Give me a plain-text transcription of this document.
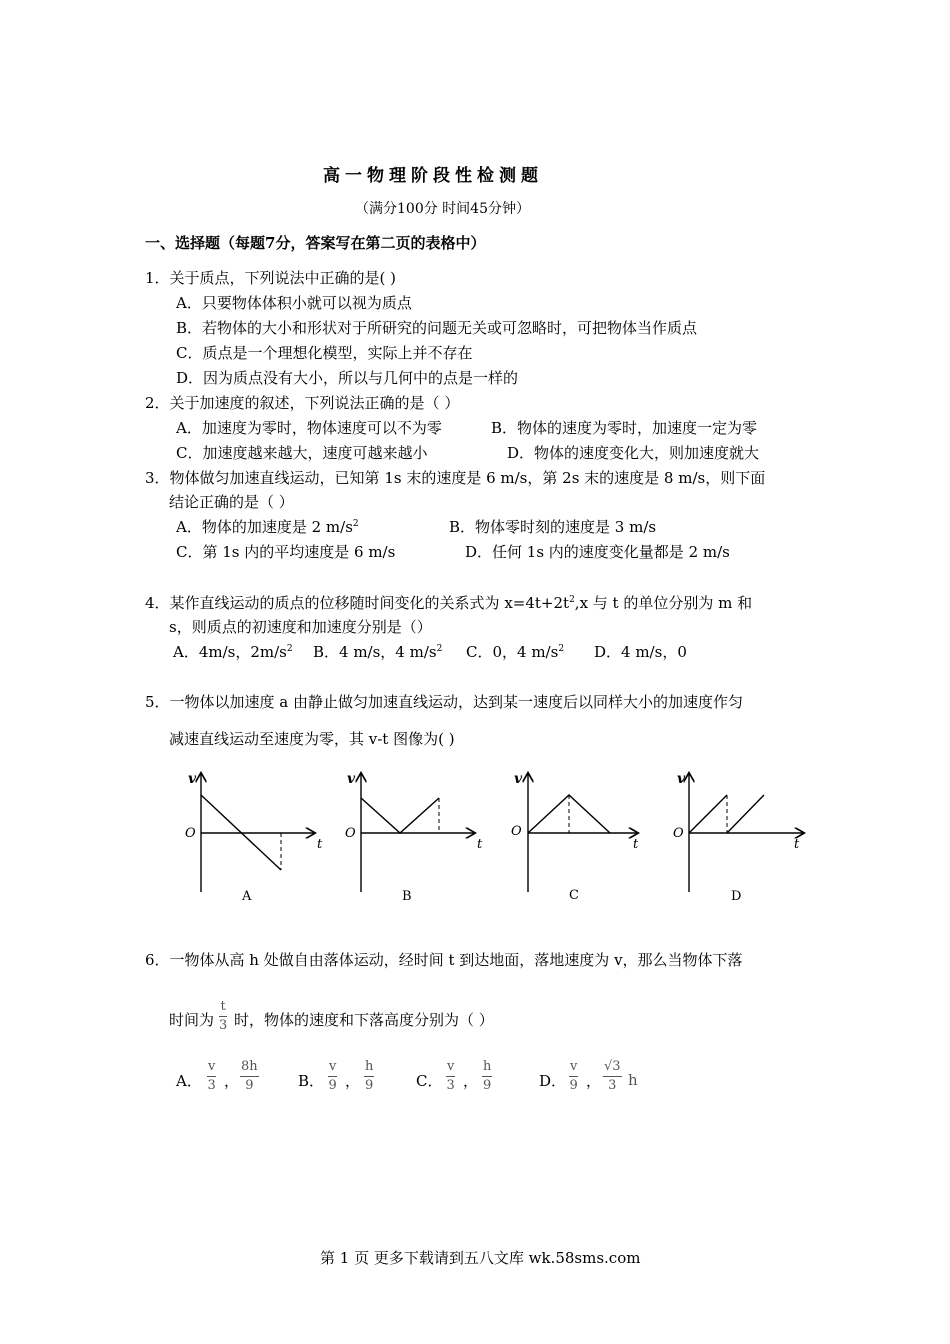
高一物理阶段性检测题
（满分100分 时间45分钟）
一、选择题（每题7分，答案写在第二页的表格中）
1．关于质点，下列说法中正确的是( )
A．只要物体体积小就可以视为质点
B．若物体的大小和形状对于所研究的问题无关或可忽略时，可把物体当作质点
C．质点是一个理想化模型，实际上并不存在
D．因为质点没有大小，所以与几何中的点是一样的
2．关于加速度的叙述，下列说法正确的是（ ）
A．加速度为零时，物体速度可以不为零	B．物体的速度为零时，加速度一定为零
C．加速度越来越大，速度可越来越小	D．物体的速度变化大，则加速度就大
3．物体做匀加速直线运动，已知第 1s 末的速度是 6 m/s，第 2s 末的速度是 8 m/s，则下面
结论正确的是（ ）
A．物体的加速度是 2 $m/s^2$	B．物体零时刻的速度是 3 m/s
C．第 1s 内的平均速度是 6 m/s	D．任何 1s 内的速度变化量都是 2 m/s
4．某作直线运动的质点的位移随时间变化的关系式为 $x=4t+2t^2,x$ 与 t 的单位分别为 m 和
s，则质点的初速度和加速度分别是（）
A．4m/s，$2m/s^2$ B．4 m/s，4 $m/s^2$ C．0，4 $m/s^2$ D．4 m/s，0
5．一物体以加速度 a 由静止做匀加速直线运动，达到某一速度后以同样大小的加速度作匀
减速直线运动至速度为零，其 v-t 图像为( )
v
O
t
A
v
O
t
B
v
O
t
C
v
O
t
D
6．一物体从高 h 处做自由落体运动，经时间 t 到达地面，落地速度为 v，那么当物体下落
时间为 $\frac{t}{3}$ 时，物体的速度和下落高度分别为（ ）
A． $\frac{v}{3}$ ， $\frac{8h}{9}$	B． $\frac{v}{9}$ ， $\frac{h}{9}$	C． $\frac{v}{3}$ ， $\frac{h}{9}$	D． $\frac{v}{9}$ ， $\frac{√3}{3}$ h
第 1 页 更多下载请到五八文库 wk.58sms.com
